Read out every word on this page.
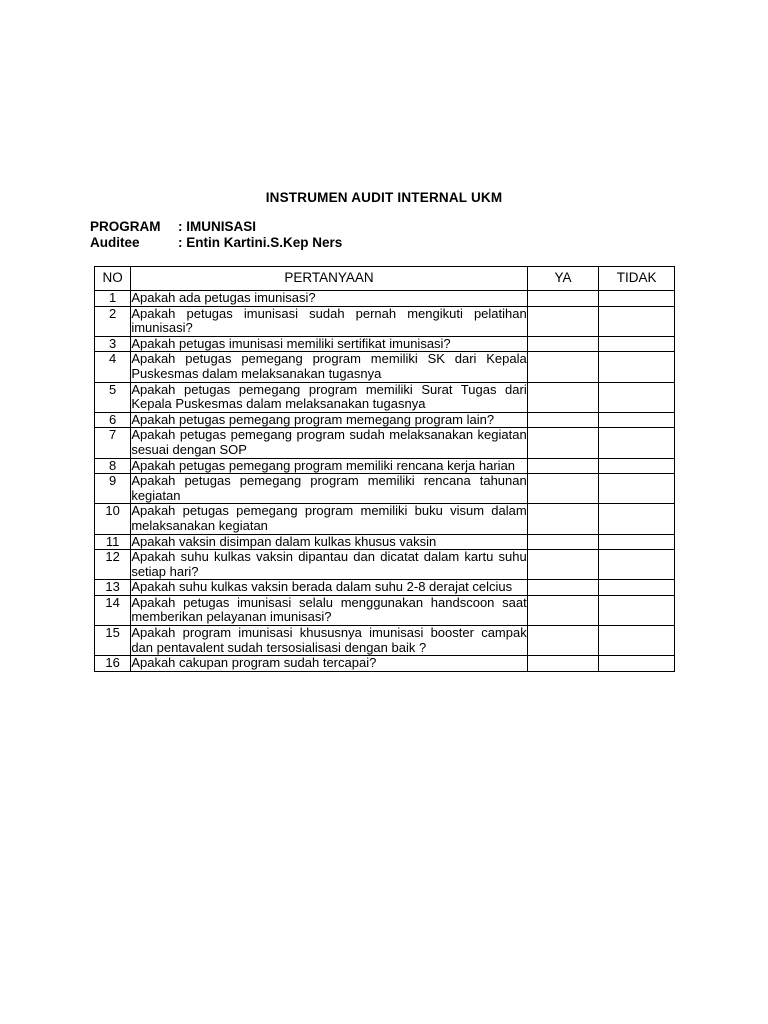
INSTRUMEN AUDIT INTERNAL UKM
PROGRAM : IMUNISASI
Auditee	: Entin Kartini.S.Kep Ners
NO	PERTANYAAN	YA	TIDAK
1	Apakah ada petugas imunisasi?		
2	Apakah petugas imunisasi sudah pernah mengikuti pelatihan imunisasi?		
3	Apakah petugas imunisasi memiliki sertifikat imunisasi?		
4	Apakah petugas pemegang program memiliki SK dari Kepala Puskesmas dalam melaksanakan tugasnya		
5	Apakah petugas pemegang program memiliki Surat Tugas dari Kepala Puskesmas dalam melaksanakan tugasnya		
6	Apakah petugas pemegang program memegang program lain?		
7	Apakah petugas pemegang program sudah melaksanakan kegiatan sesuai dengan SOP		
8	Apakah petugas pemegang program memiliki rencana kerja harian		
9	Apakah petugas pemegang program memiliki rencana tahunan kegiatan		
10	Apakah petugas pemegang program memiliki buku visum dalam melaksanakan kegiatan		
11	Apakah vaksin disimpan dalam kulkas khusus vaksin		
12	Apakah suhu kulkas vaksin dipantau dan dicatat dalam kartu suhu setiap hari?		
13	Apakah suhu kulkas vaksin berada dalam suhu 2-8 derajat celcius		
14	Apakah petugas imunisasi selalu menggunakan handscoon saat memberikan pelayanan imunisasi?		
15	Apakah program imunisasi khususnya imunisasi booster campak dan pentavalent sudah tersosialisasi dengan baik ?		
16	Apakah cakupan program sudah tercapai?		
